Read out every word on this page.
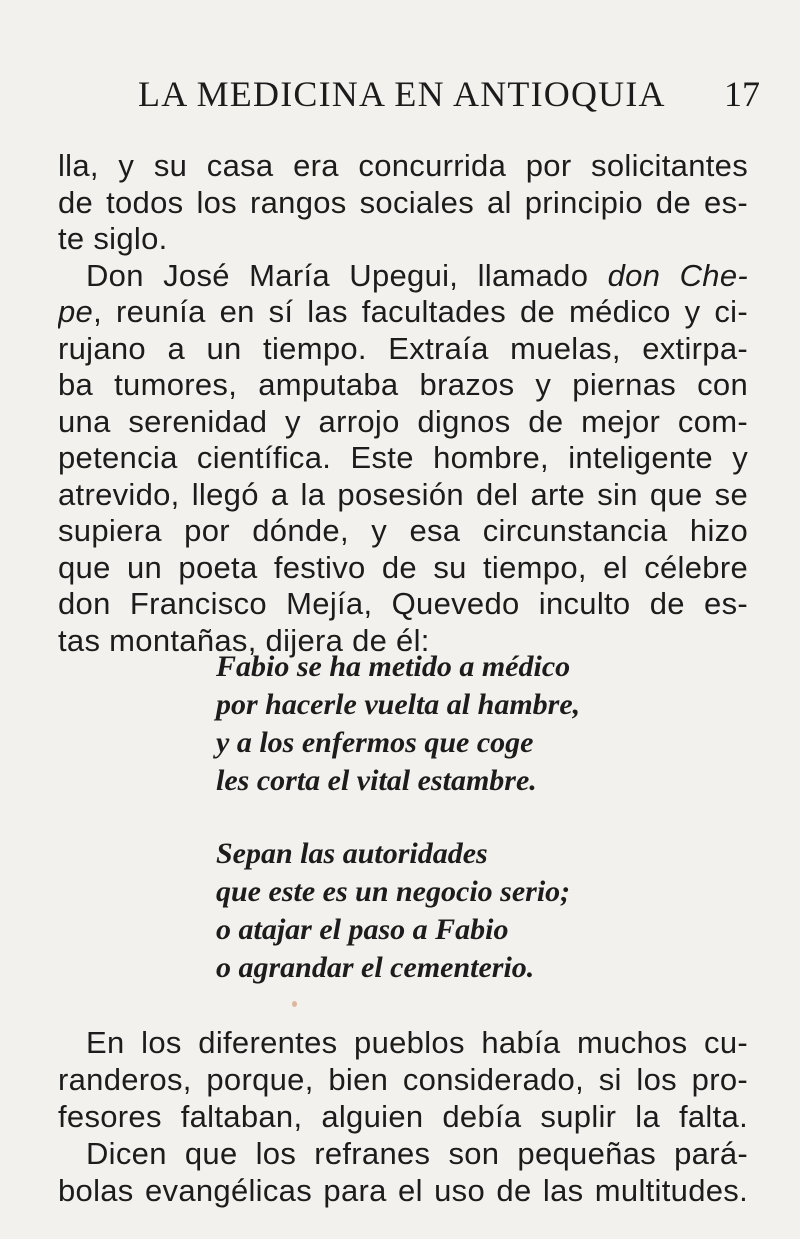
LA MEDICINA EN ANTIOQUIA 17
lla, y su casa era concurrida por solicitantes
de todos los rangos sociales al principio de es-
te siglo.
Don José María Upegui, llamado don Che-
pe, reunía en sí las facultades de médico y ci-
rujano a un tiempo. Extraía muelas, extirpa-
ba tumores, amputaba brazos y piernas con
una serenidad y arrojo dignos de mejor com-
petencia científica. Este hombre, inteligente y
atrevido, llegó a la posesión del arte sin que se
supiera por dónde, y esa circunstancia hizo
que un poeta festivo de su tiempo, el célebre
don Francisco Mejía, Quevedo inculto de es-
tas montañas, dijera de él:
Fabio se ha metido a médico
por hacerle vuelta al hambre,
y a los enfermos que coge
les corta el vital estambre.
Sepan las autoridades
que este es un negocio serio;
o atajar el paso a Fabio
o agrandar el cementerio.
En los diferentes pueblos había muchos cu-
randeros, porque, bien considerado, si los pro-
fesores faltaban, alguien debía suplir la falta.
Dicen que los refranes son pequeñas pará-
bolas evangélicas para el uso de las multitudes.
